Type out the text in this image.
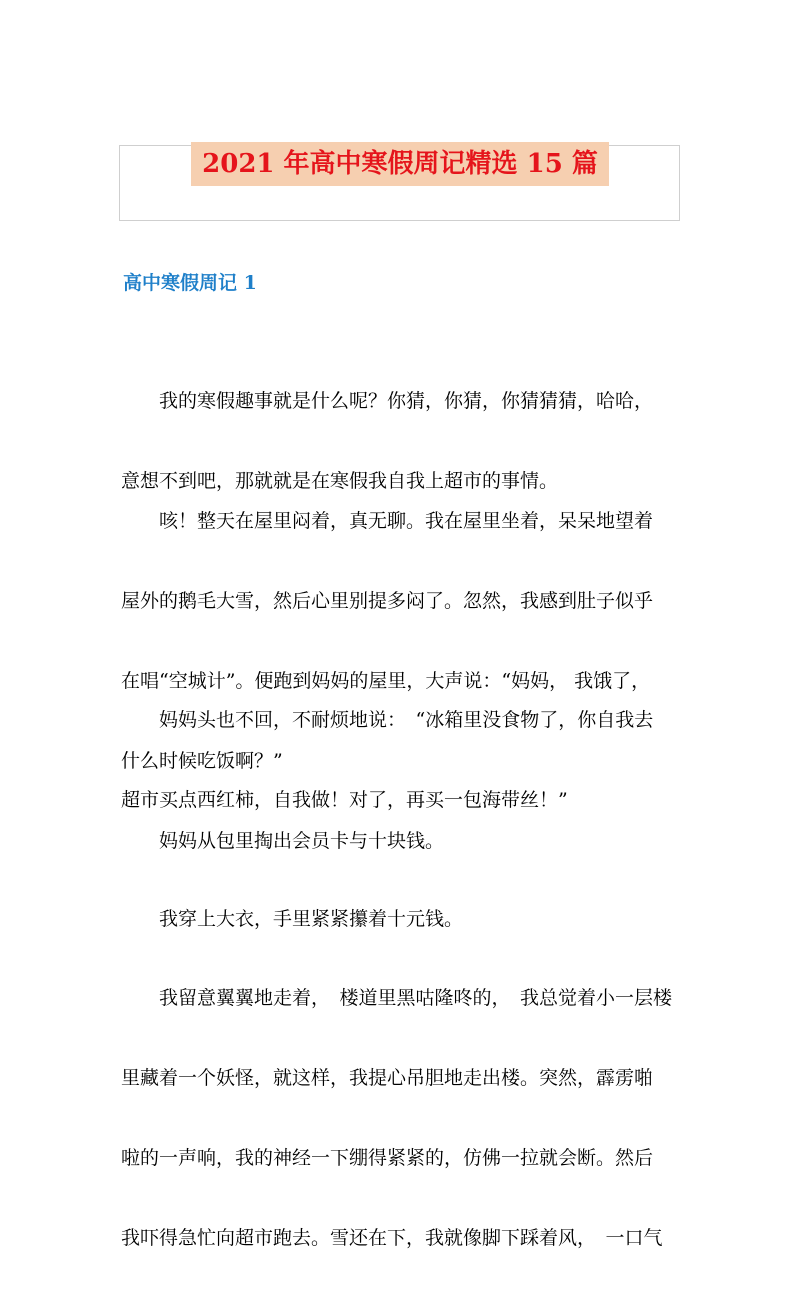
2021 年高中寒假周记精选 15 篇
高中寒假周记 1

　　我的寒假趣事就是什么呢？你猜，你猜，你猜猜猜，哈哈，

意想不到吧，那就就是在寒假我自我上超市的事情。

　　咳！整天在屋里闷着，真无聊。我在屋里坐着，呆呆地望着

屋外的鹅毛大雪，然后心里别提多闷了。忽然，我感到肚子似乎

在唱“空城计”。便跑到妈妈的屋里，大声说：“妈妈， 我饿了，

什么时候吃饭啊？”

　　妈妈头也不回，不耐烦地说：　“冰箱里没食物了，你自我去

超市买点西红柿，自我做！对了，再买一包海带丝！”

　　妈妈从包里掏出会员卡与十块钱。

　　我穿上大衣，手里紧紧攥着十元钱。

　　我留意翼翼地走着，　楼道里黑咕隆咚的，　我总觉着小一层楼

里藏着一个妖怪，就这样，我提心吊胆地走出楼。突然，霹雳啪

啦的一声响，我的神经一下绷得紧紧的，仿佛一拉就会断。然后

我吓得急忙向超市跑去。雪还在下，我就像脚下踩着风，　一口气
